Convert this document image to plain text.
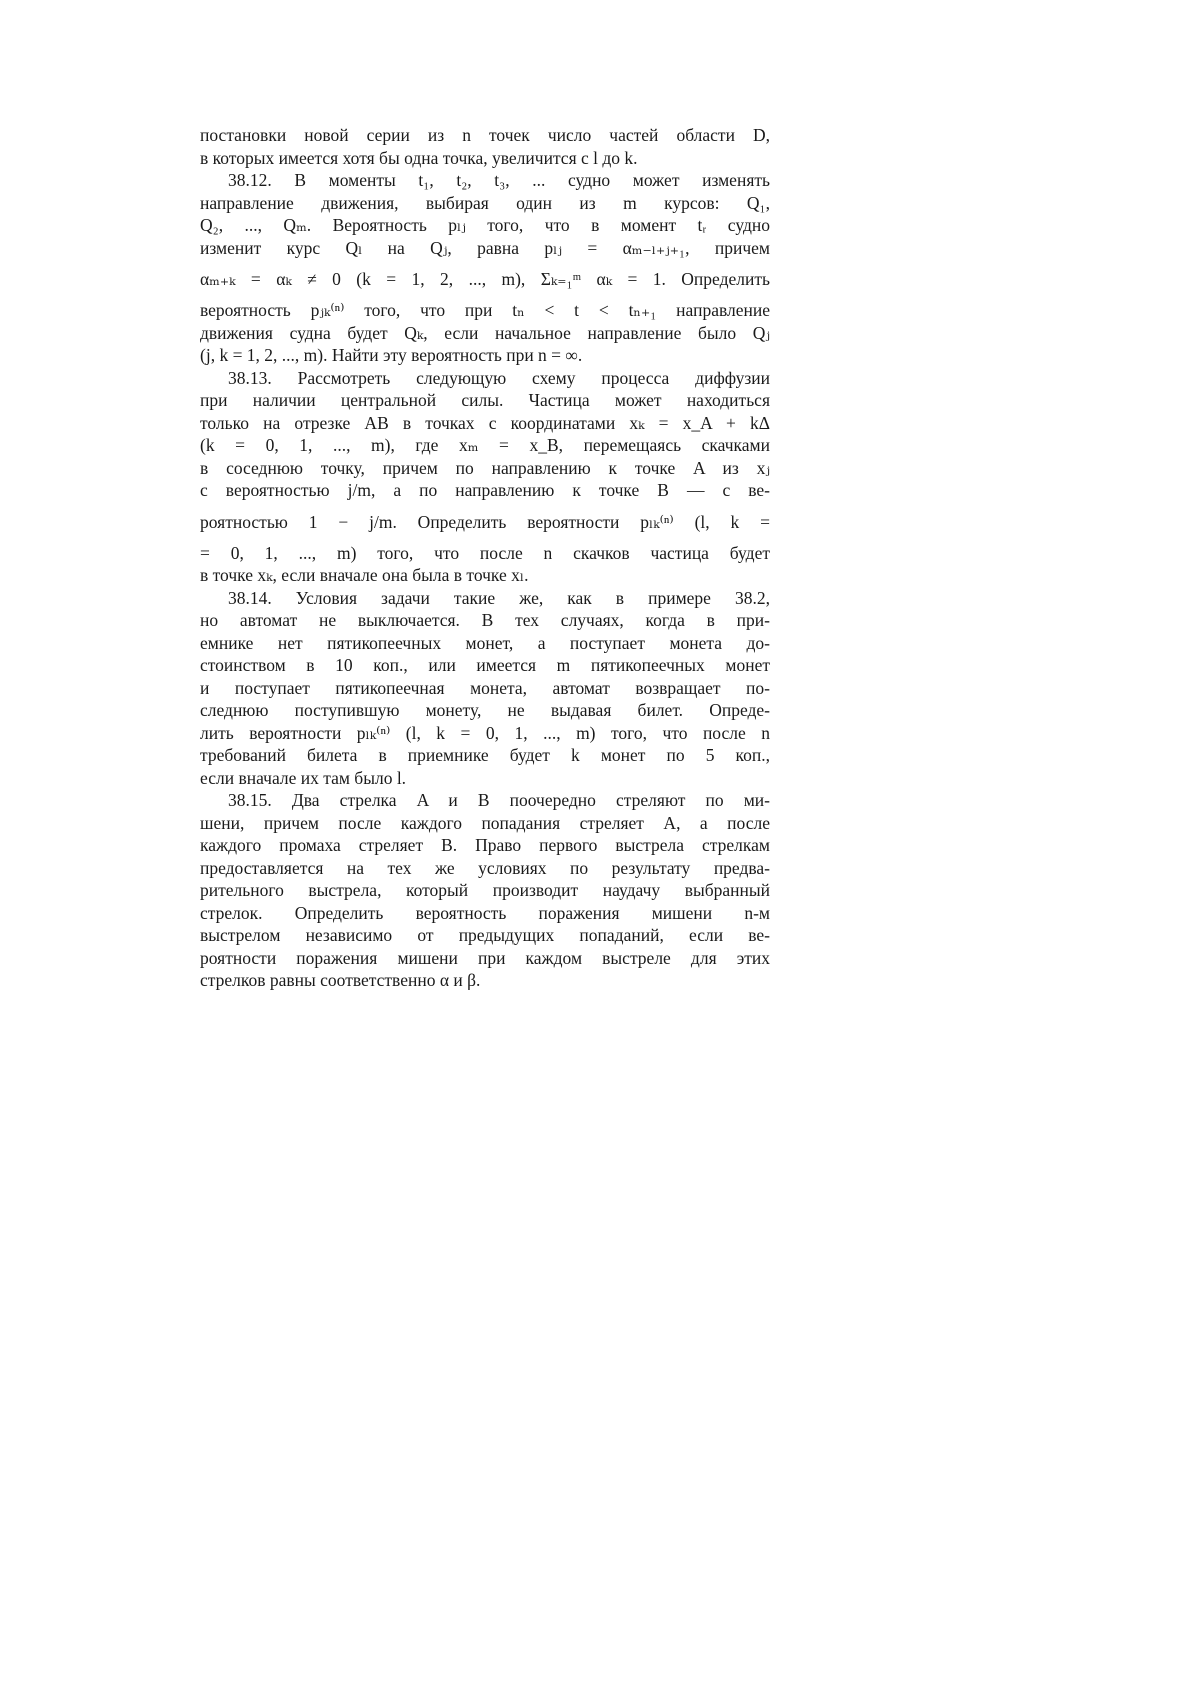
постановки новой серии из n точек число частей области D,
в которых имеется хотя бы одна точка, увеличится с l до k.
38.12. В моменты t₁, t₂, t₃, ... судно может изменять
направление движения, выбирая один из m курсов: Q₁,
Q₂, ..., Qₘ. Вероятность pₗⱼ того, что в момент tᵣ судно
изменит курс Qₗ на Qⱼ, равна pₗⱼ = αₘ₋ₗ₊ⱼ₊₁, причем
αₘ₊ₖ = αₖ ≠ 0 (k = 1, 2, ..., m), Σₖ₌₁ᵐ αₖ = 1. Определить
вероятность pⱼₖ⁽ⁿ⁾ того, что при tₙ < t < tₙ₊₁ направление
движения судна будет Qₖ, если начальное направление было Qⱼ
(j, k = 1, 2, ..., m). Найти эту вероятность при n = ∞.
38.13. Рассмотреть следующую схему процесса диффузии
при наличии центральной силы. Частица может находиться
только на отрезке AB в точках с координатами xₖ = x_A + kΔ
(k = 0, 1, ..., m), где xₘ = x_B, перемещаясь скачками
в соседнюю точку, причем по направлению к точке A из xⱼ
с вероятностью j/m, а по направлению к точке B — с ве-
роятностью 1 − j/m. Определить вероятности pₗₖ⁽ⁿ⁾ (l, k =
= 0, 1, ..., m) того, что после n скачков частица будет
в точке xₖ, если вначале она была в точке xₗ.
38.14. Условия задачи такие же, как в примере 38.2,
но автомат не выключается. В тех случаях, когда в при-
емнике нет пятикопеечных монет, а поступает монета до-
стоинством в 10 коп., или имеется m пятикопеечных монет
и поступает пятикопеечная монета, автомат возвращает по-
следнюю поступившую монету, не выдавая билет. Опреде-
лить вероятности pₗₖ⁽ⁿ⁾ (l, k = 0, 1, ..., m) того, что после n
требований билета в приемнике будет k монет по 5 коп.,
если вначале их там было l.
38.15. Два стрелка A и B поочередно стреляют по ми-
шени, причем после каждого попадания стреляет A, а после
каждого промаха стреляет B. Право первого выстрела стрелкам
предоставляется на тех же условиях по результату предва-
рительного выстрела, который производит наудачу выбранный
стрелок. Определить вероятность поражения мишени n-м
выстрелом независимо от предыдущих попаданий, если ве-
роятности поражения мишени при каждом выстреле для этих
стрелков равны соответственно α и β.
